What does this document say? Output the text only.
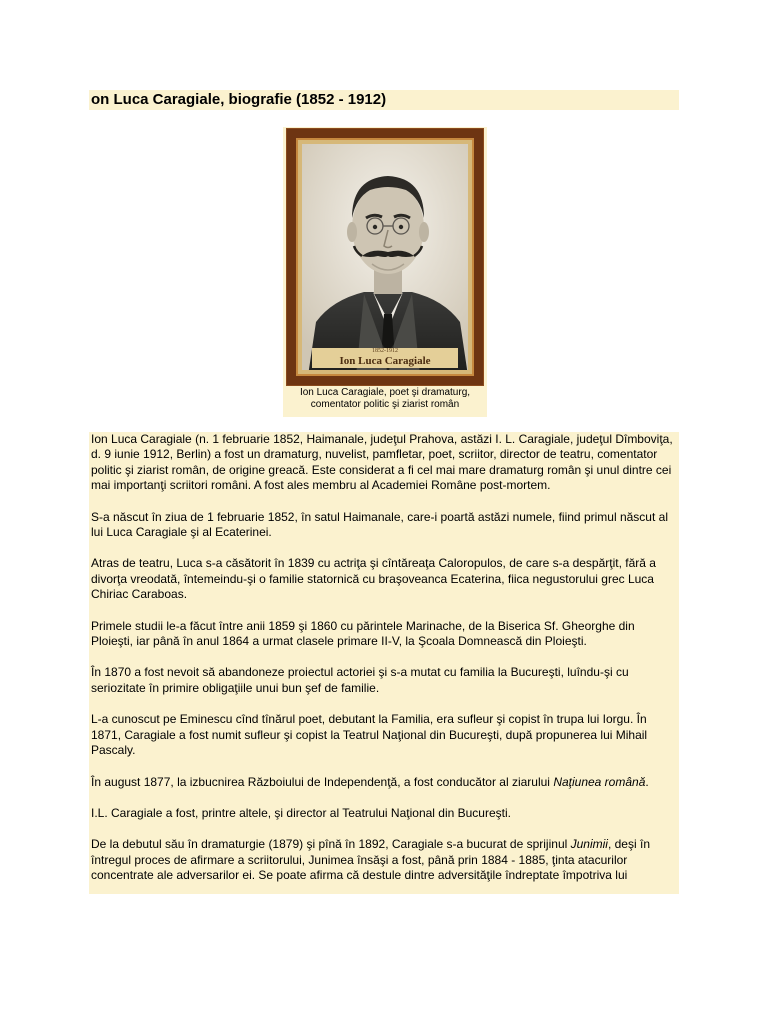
on Luca Caragiale, biografie (1852 - 1912)
1852-1912
Ion Luca Caragiale
Ion Luca Caragiale, poet şi dramaturg,
comentator politic şi ziarist român

Ion Luca Caragiale (n. 1 februarie 1852, Haimanale, judeţul Prahova, astăzi I. L. Caragiale, judeţul Dîmboviţa, d. 9 iunie 1912, Berlin) a fost un dramaturg, nuvelist, pamfletar, poet, scriitor, director de teatru, comentator politic şi ziarist român, de origine greacă. Este considerat a fi cel mai mare dramaturg român şi unul dintre cei mai importanţi scriitori români. A fost ales membru al Academiei Române post-mortem.

S-a născut în ziua de 1 februarie 1852, în satul Haimanale, care-i poartă astăzi numele, fiind primul născut al lui Luca Caragiale şi al Ecaterinei.

Atras de teatru, Luca s-a căsătorit în 1839 cu actriţa şi cîntăreaţa Caloropulos, de care s-a despărţit, fără a divorţa vreodată, întemeindu-şi o familie statornică cu braşoveanca Ecaterina, fiica negustorului grec Luca Chiriac Caraboas.

Primele studii le-a făcut între anii 1859 şi 1860 cu părintele Marinache, de la Biserica Sf. Gheorghe din Ploieşti, iar până în anul 1864 a urmat clasele primare II-V, la Şcoala Domnească din Ploieşti.

În 1870 a fost nevoit să abandoneze proiectul actoriei şi s-a mutat cu familia la Bucureşti, luîndu-şi cu seriozitate în primire obligaţiile unui bun şef de familie.

L-a cunoscut pe Eminescu cînd tînărul poet, debutant la Familia, era sufleur şi copist în trupa lui Iorgu. În 1871, Caragiale a fost numit sufleur şi copist la Teatrul Naţional din Bucureşti, după propunerea lui Mihail Pascaly.

În august 1877, la izbucnirea Războiului de Independenţă, a fost conducător al ziarului Naţiunea română.

I.L. Caragiale a fost, printre altele, şi director al Teatrului Naţional din Bucureşti.

De la debutul său în dramaturgie (1879) şi pînă în 1892, Caragiale s-a bucurat de sprijinul Junimii, deşi în întregul proces de afirmare a scriitorului, Junimea însăşi a fost, până prin 1884 - 1885, ţinta atacurilor concentrate ale adversarilor ei. Se poate afirma că destule dintre adversităţile îndreptate împotriva lui
